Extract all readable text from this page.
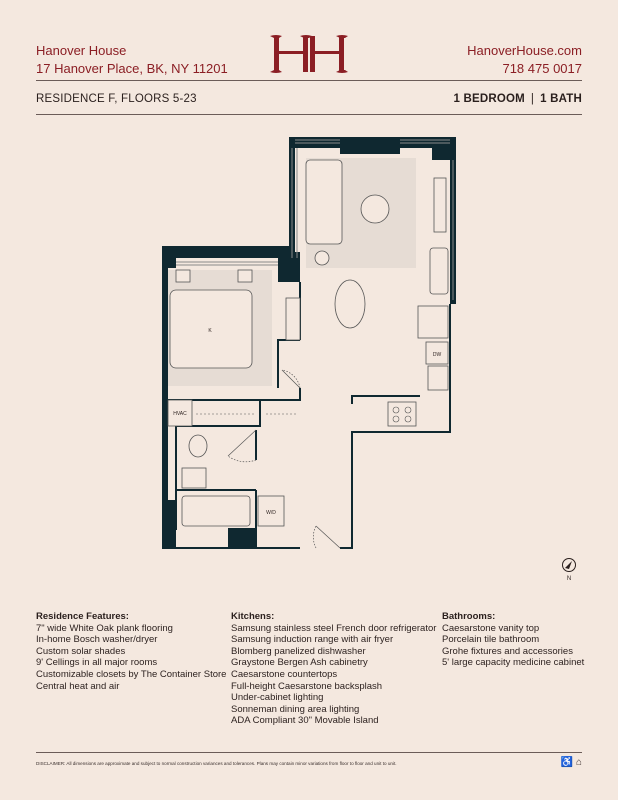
Hanover House
17 Hanover Place, BK, NY 11201
HanoverHouse.com
718 475 0017
RESIDENCE F, FLOORS 5-23	1 BEDROOM | 1 BATH
DW
K
HVAC
W/D
N
Residence Features:
7" wide White Oak plank flooring
In-home Bosch washer/dryer
Custom solar shades
9' Cellings in all major rooms
Customizable closets by The Container Store
Central heat and air
Kitchens:
Samsung stainless steel French door refrigerator
Samsung induction range with air fryer
Blomberg panelized dishwasher
Graystone Bergen Ash cabinetry
Caesarstone countertops
Full-height Caesarstone backsplash
Under-cabinet lighting
Sonneman dining area lighting
ADA Compliant 30" Movable Island
Bathrooms:
Caesarstone vanity top
Porcelain tile bathroom
Grohe fixtures and accessories
5' large capacity medicine cabinet
DISCLAIMER: All dimensions are approximate and subject to normal construction variances and tolerances. Plans may contain minor variations from floor to floor and unit to unit.	♿ ⌂
